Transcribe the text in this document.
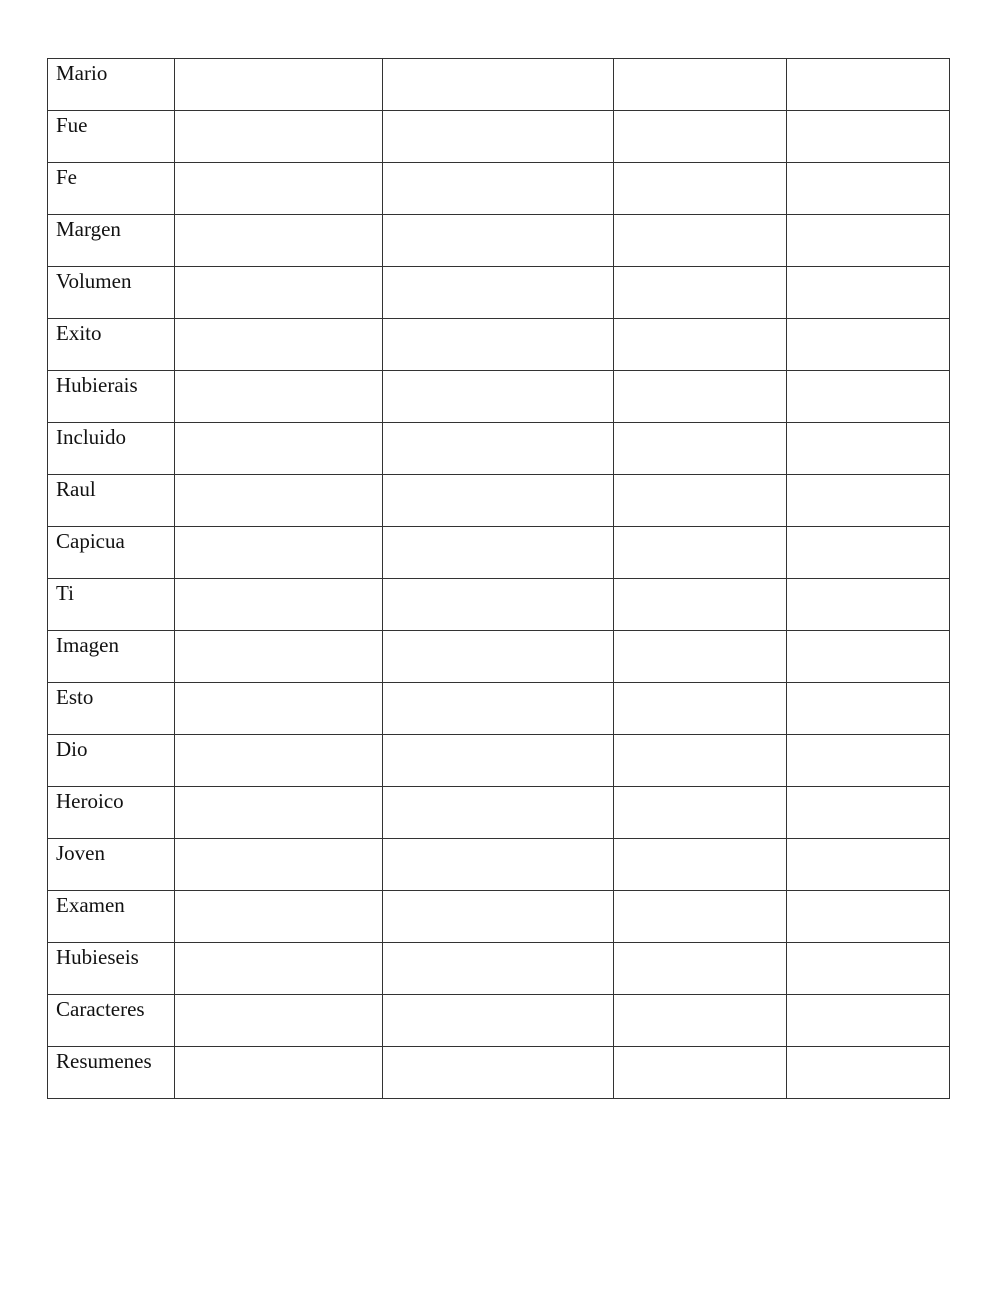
Mario				
Fue				
Fe				
Margen				
Volumen				
Exito				
Hubierais				
Incluido				
Raul				
Capicua				
Ti				
Imagen				
Esto				
Dio				
Heroico				
Joven				
Examen				
Hubieseis				
Caracteres				
Resumenes				
